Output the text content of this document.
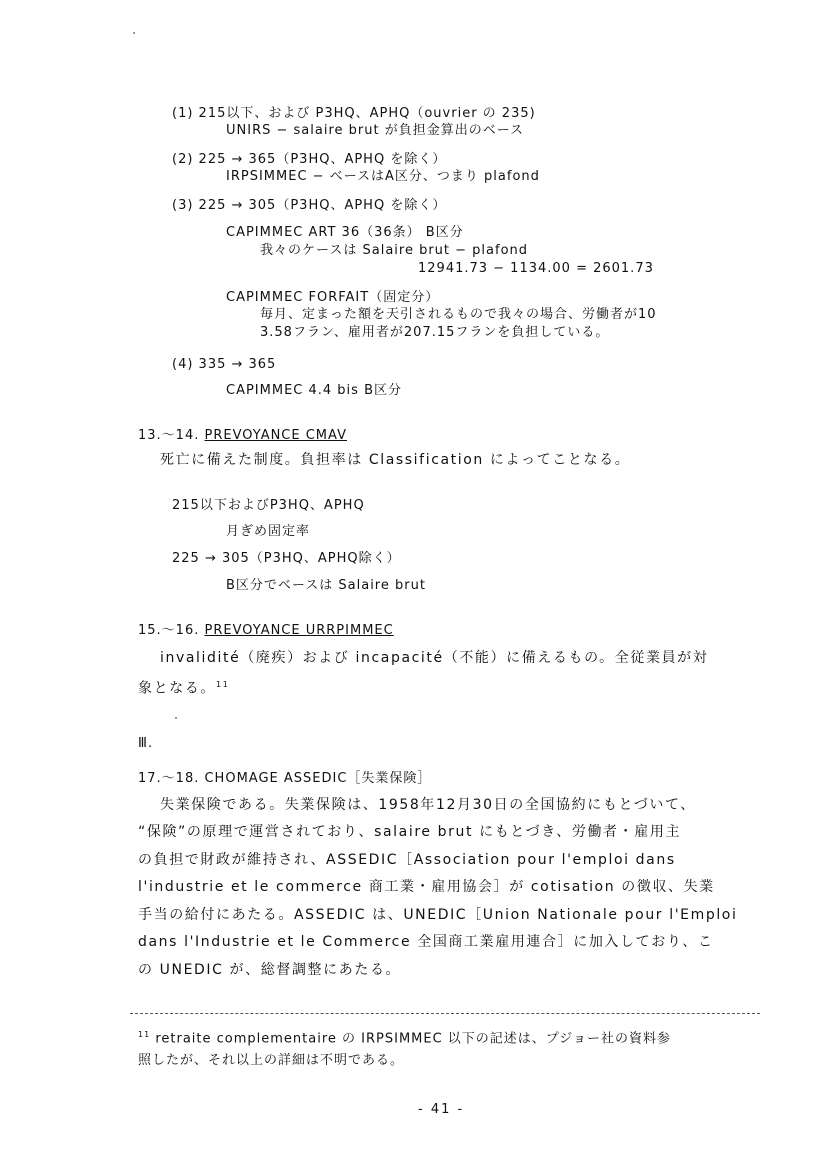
(1) 215以下、および P3HQ、APHQ（ouvrier の 235)
UNIRS − salaire brut が負担金算出のベース
(2) 225 → 365（P3HQ、APHQ を除く）
IRPSIMMEC − ベースはA区分、つまり plafond
(3) 225 → 305（P3HQ、APHQ を除く）
CAPIMMEC ART 36（36条） B区分
我々のケースは Salaire brut − plafond
12941.73 − 1134.00 = 2601.73
CAPIMMEC FORFAIT（固定分）
毎月、定まった額を天引されるもので我々の場合、労働者が10
3.58フラン、雇用者が207.15フランを負担している。
(4) 335 → 365
CAPIMMEC 4.4 bis B区分
13.～14. PREVOYANCE CMAV
死亡に備えた制度。負担率は Classification によってことなる。
215以下およびP3HQ、APHQ
月ぎめ固定率
225 → 305（P3HQ、APHQ除く）
B区分でベースは Salaire brut
15.～16. PREVOYANCE URRPIMMEC
invalidité（廃疾）および incapacité（不能）に備えるもの。全従業員が対
象となる。$^{11}$
Ⅲ.
17.～18. CHOMAGE ASSEDIC［失業保険］
失業保険である。失業保険は、1958年12月30日の全国協約にもとづいて、
“保険”の原理で運営されており、salaire brut にもとづき、労働者・雇用主
の負担で財政が維持され、ASSEDIC［Association pour l'emploi dans
l'industrie et le commerce 商工業・雇用協会］が cotisation の徴収、失業
手当の給付にあたる。ASSEDIC は、UNEDIC［Union Nationale pour l'Emploi
dans l'Industrie et le Commerce 全国商工業雇用連合］に加入しており、こ
の UNEDIC が、総督調整にあたる。
$^{11}$ retraite complementaire の IRPSIMMEC 以下の記述は、プジョー社の資料参
照したが、それ以上の詳細は不明である。
- 41 -
